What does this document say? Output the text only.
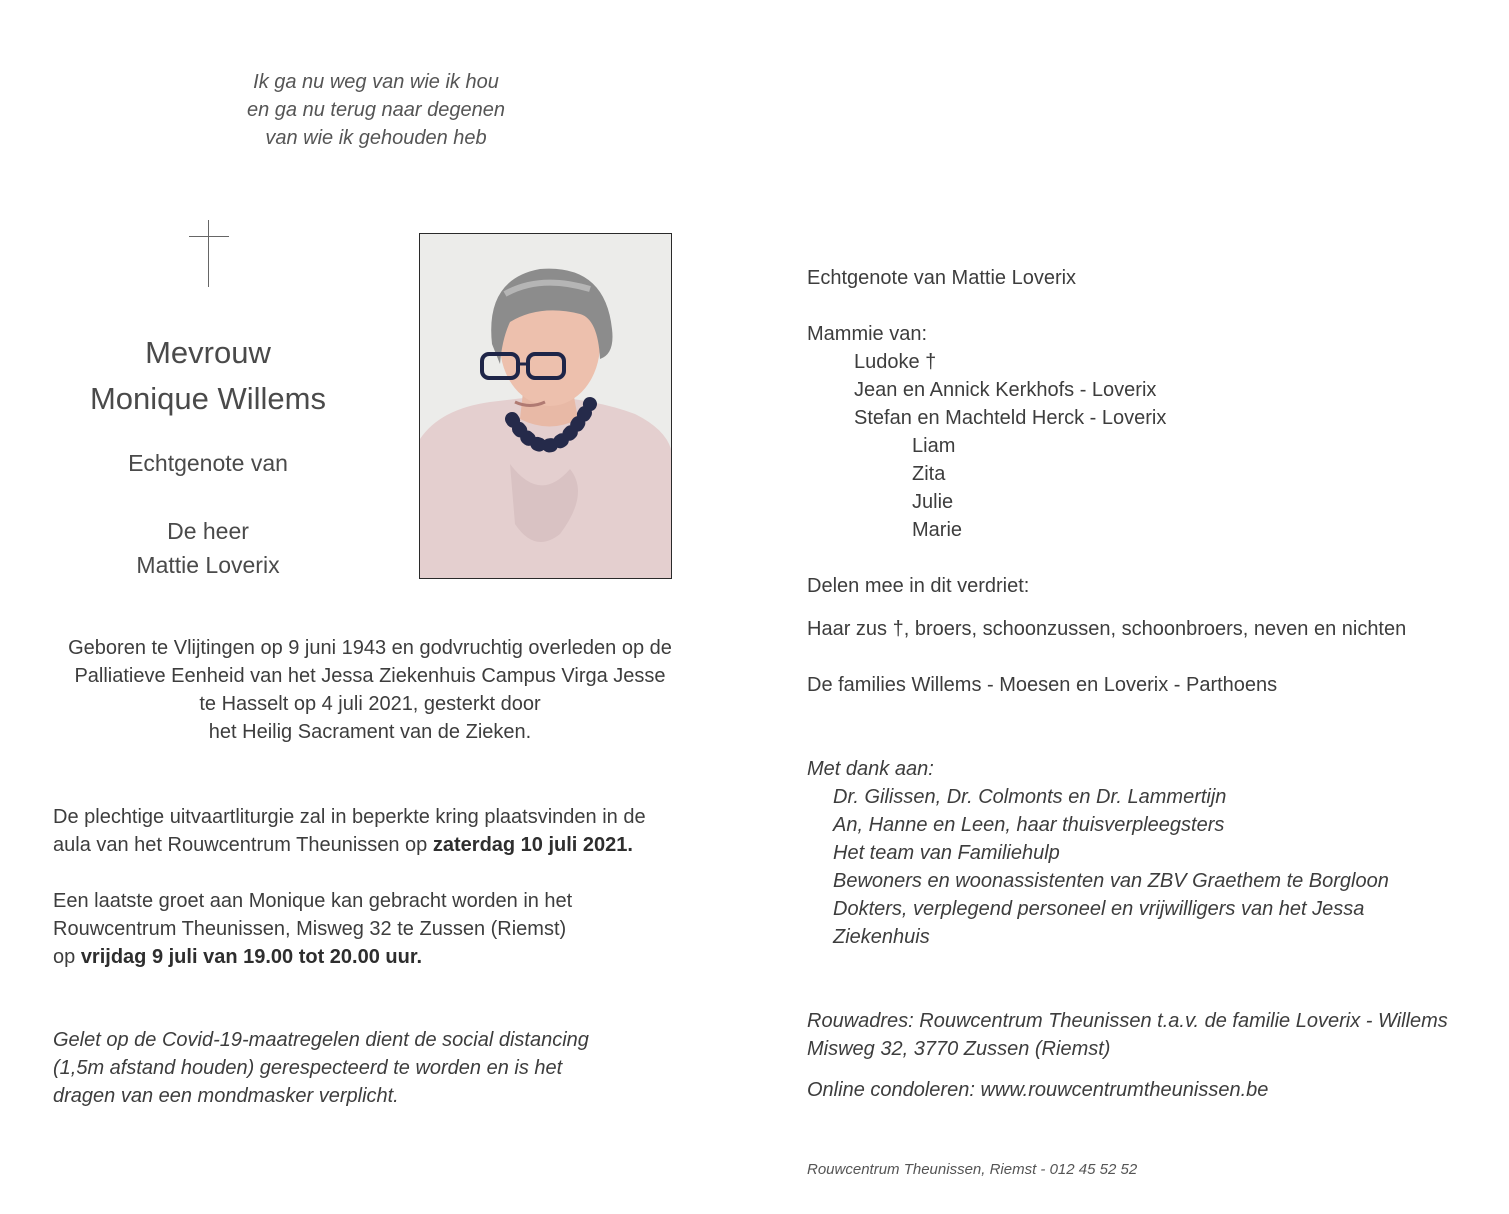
Ik ga nu weg van wie ik hou
en ga nu terug naar degenen
van wie ik gehouden heb
Mevrouw
Monique Willems
Echtgenote van
De heer
Mattie Loverix
Geboren te Vlijtingen op 9 juni 1943 en godvruchtig overleden op de
Palliatieve Eenheid van het Jessa Ziekenhuis Campus Virga Jesse
te Hasselt op 4 juli 2021, gesterkt door
het Heilig Sacrament van de Zieken.
De plechtige uitvaartliturgie zal in beperkte kring plaatsvinden in de
aula van het Rouwcentrum Theunissen op zaterdag 10 juli 2021.
Een laatste groet aan Monique kan gebracht worden in het
Rouwcentrum Theunissen, Misweg 32 te Zussen (Riemst)
op vrijdag 9 juli van 19.00 tot 20.00 uur.
Gelet op de Covid-19-maatregelen dient de social distancing
(1,5m afstand houden) gerespecteerd te worden en is het
dragen van een mondmasker verplicht.
Echtgenote van Mattie Loverix
Mammie van:
Ludoke †
Jean en Annick Kerkhofs - Loverix
Stefan en Machteld Herck - Loverix
Liam
Zita
Julie
Marie
Delen mee in dit verdriet:
Haar zus †, broers, schoonzussen, schoonbroers, neven en nichten
De families Willems - Moesen en Loverix - Parthoens
Met dank aan:
Dr. Gilissen, Dr. Colmonts en Dr. Lammertijn
An, Hanne en Leen, haar thuisverpleegsters
Het team van Familiehulp
Bewoners en woonassistenten van ZBV Graethem te Borgloon
Dokters, verplegend personeel en vrijwilligers van het Jessa
Ziekenhuis
Rouwadres: Rouwcentrum Theunissen t.a.v. de familie Loverix - Willems
Misweg 32, 3770 Zussen (Riemst)
Online condoleren: www.rouwcentrumtheunissen.be
Rouwcentrum Theunissen, Riemst - 012 45 52 52
